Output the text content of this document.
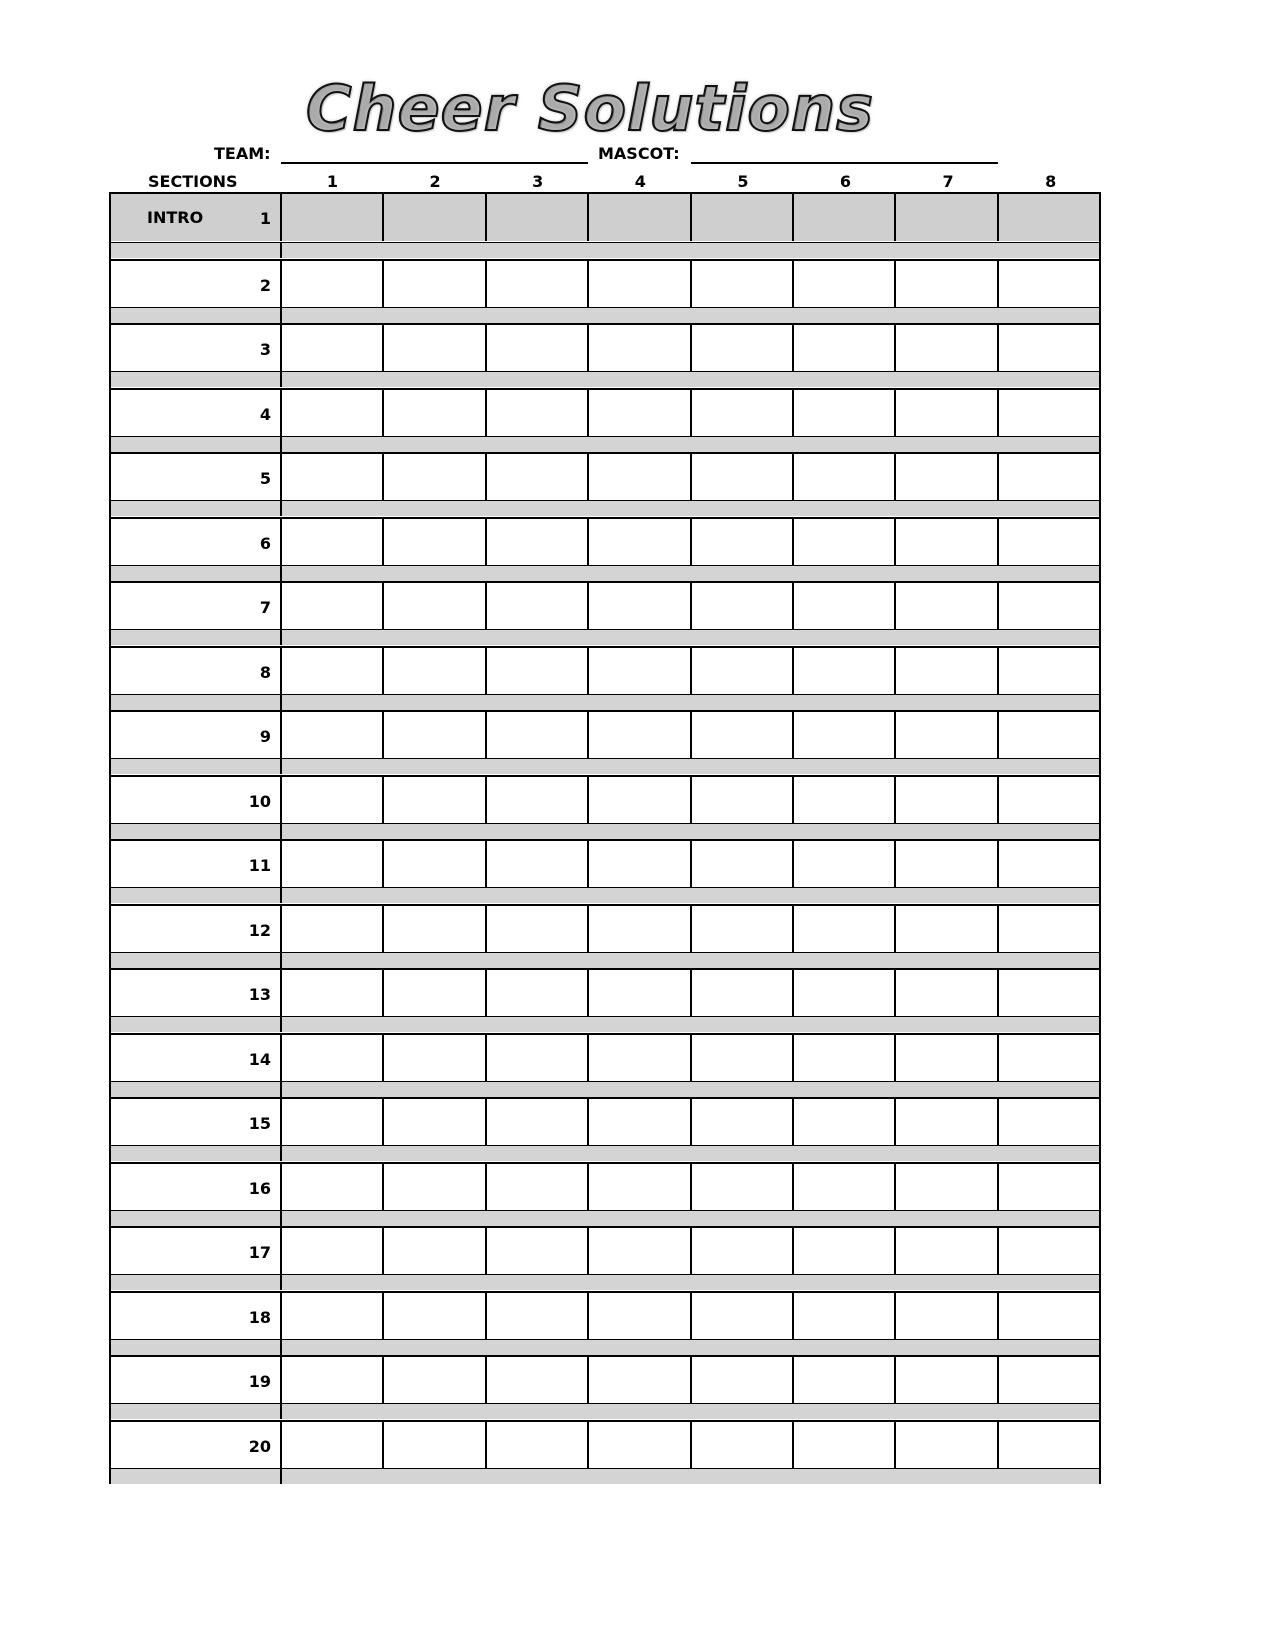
Cheer Solutions
TEAM:	MASCOT:
SECTIONS	1	2	3	4	5	6	7	8
INTRO	1
2
3
4
5
6
7
8
9
10
11
12
13
14
15
16
17
18
19
20
